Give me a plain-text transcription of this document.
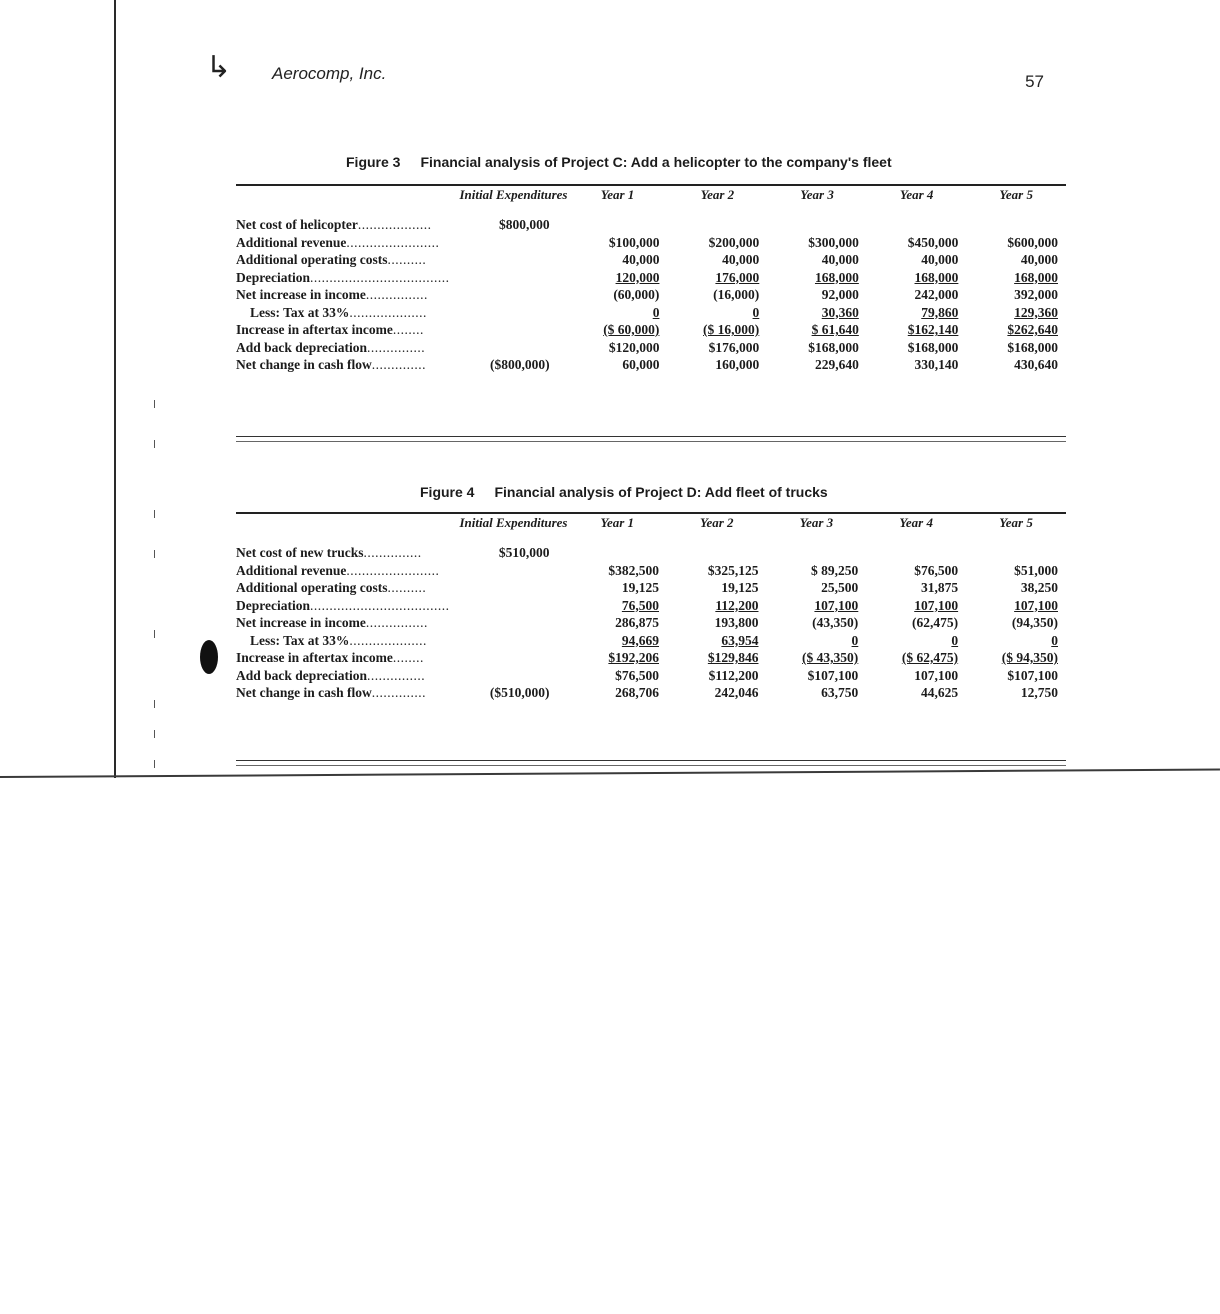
↳ Aerocomp, Inc.	57
Figure 3 Financial analysis of Project C: Add a helicopter to the company's fleet
	Initial Expenditures	Year 1	Year 2	Year 3	Year 4	Year 5
Net cost of helicopter...................	$800,000					
Additional revenue........................		$100,000	$200,000	$300,000	$450,000	$600,000
Additional operating costs..........		40,000	40,000	40,000	40,000	40,000
Depreciation....................................		120,000	176,000	168,000	168,000	168,000
Net increase in income................		(60,000)	(16,000)	92,000	242,000	392,000
Less: Tax at 33%....................		0	0	30,360	79,860	129,360
Increase in aftertax income........		($ 60,000)	($ 16,000)	$ 61,640	$162,140	$262,640
Add back depreciation...............		$120,000	$176,000	$168,000	$168,000	$168,000
Net change in cash flow..............	($800,000)	60,000	160,000	229,640	330,140	430,640
Figure 4 Financial analysis of Project D: Add fleet of trucks
	Initial Expenditures	Year 1	Year 2	Year 3	Year 4	Year 5
Net cost of new trucks...............	$510,000					
Additional revenue........................		$382,500	$325,125	$ 89,250	$76,500	$51,000
Additional operating costs..........		19,125	19,125	25,500	31,875	38,250
Depreciation....................................		76,500	112,200	107,100	107,100	107,100
Net increase in income................		286,875	193,800	(43,350)	(62,475)	(94,350)
Less: Tax at 33%....................		94,669	63,954	0	0	0
Increase in aftertax income........		$192,206	$129,846	($ 43,350)	($ 62,475)	($ 94,350)
Add back depreciation...............		$76,500	$112,200	$107,100	107,100	$107,100
Net change in cash flow..............	($510,000)	268,706	242,046	63,750	44,625	12,750
